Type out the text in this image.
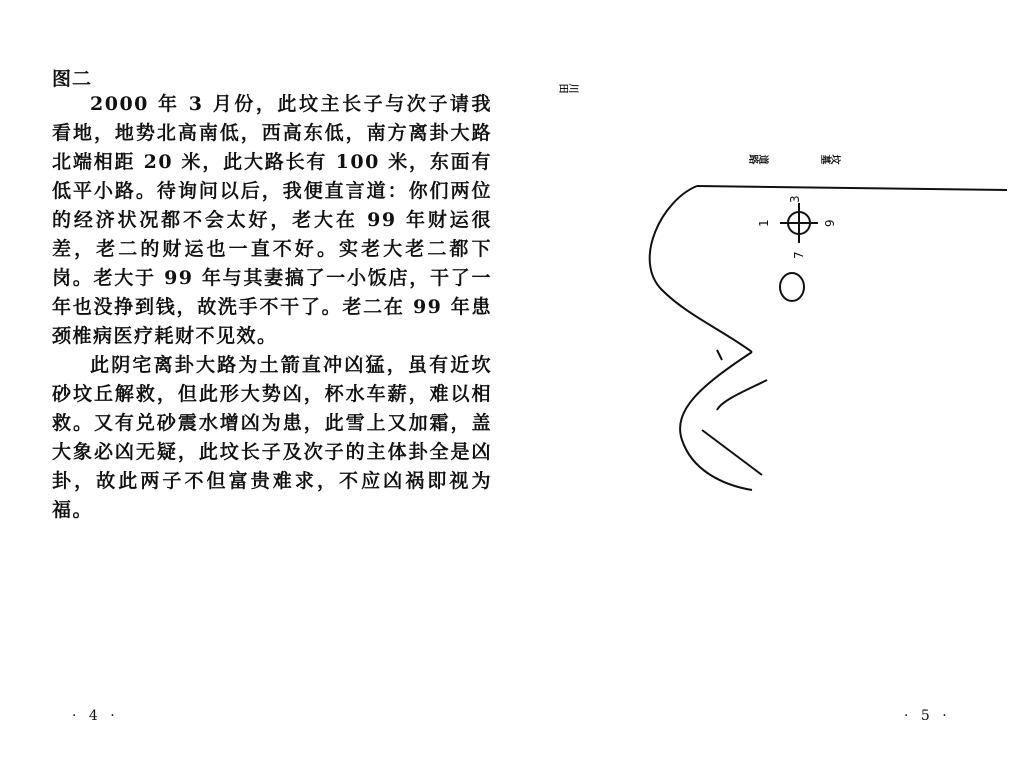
图二

2000 年 3 月份，此坟主长子与次子请我看地，地势北高南低，西高东低，南方离卦大路北端相距 20 米，此大路长有 100 米，东面有低平小路。待询问以后，我便直言道：你们两位的经济状况都不会太好，老大在 99 年财运很差，老二的财运也一直不好。实老大老二都下岗。老大于 99 年与其妻搞了一小饭店，干了一年也没挣到钱，故洗手不干了。老二在 99 年患颈椎病医疗耗财不见效。

此阴宅离卦大路为土箭直冲凶猛，虽有近坎砂坟丘解救，但此形大势凶，杯水车薪，难以相救。又有兑砂震水增凶为患，此雪上又加霜，盖大象必凶无疑，此坟长子及次子的主体卦全是凶卦，故此两子不但富贵难求，不应凶祸即视为福。

· 4 ·
川田
道路	坟墓
3
1	9
7
· 5 ·
